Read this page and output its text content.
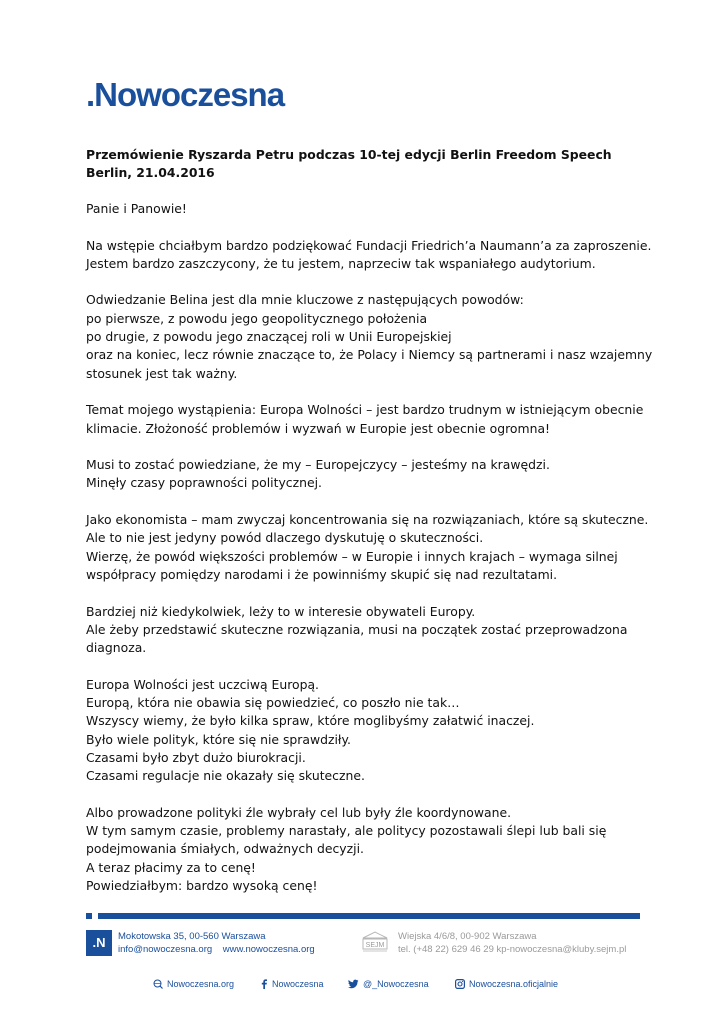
.Nowoczesna
Przemówienie Ryszarda Petru podczas 10-tej edycji Berlin Freedom Speech
Berlin, 21.04.2016
Panie i Panowie!
Na wstępie chciałbym bardzo podziękować Fundacji Friedrich’a Naumann’a za zaproszenie.
Jestem bardzo zaszczycony, że tu jestem, naprzeciw tak wspaniałego audytorium.
Odwiedzanie Belina jest dla mnie kluczowe z następujących powodów:
po pierwsze, z powodu jego geopolitycznego położenia
po drugie, z powodu jego znaczącej roli w Unii Europejskiej
oraz na koniec, lecz równie znaczące to, że Polacy i Niemcy są partnerami i nasz wzajemny
stosunek jest tak ważny.
Temat mojego wystąpienia: Europa Wolności – jest bardzo trudnym w istniejącym obecnie
klimacie. Złożoność problemów i wyzwań w Europie jest obecnie ogromna!
Musi to zostać powiedziane, że my – Europejczycy – jesteśmy na krawędzi.
Minęły czasy poprawności politycznej.
Jako ekonomista – mam zwyczaj koncentrowania się na rozwiązaniach, które są skuteczne.
Ale to nie jest jedyny powód dlaczego dyskutuję o skuteczności.
Wierzę, że powód większości problemów – w Europie i innych krajach – wymaga silnej
współpracy pomiędzy narodami i że powinniśmy skupić się nad rezultatami.
Bardziej niż kiedykolwiek, leży to w interesie obywateli Europy.
Ale żeby przedstawić skuteczne rozwiązania, musi na początek zostać przeprowadzona
diagnoza.
Europa Wolności jest uczciwą Europą.
Europą, która nie obawia się powiedzieć, co poszło nie tak…
Wszyscy wiemy, że było kilka spraw, które moglibyśmy załatwić inaczej.
Było wiele polityk, które się nie sprawdziły.
Czasami było zbyt dużo biurokracji.
Czasami regulacje nie okazały się skuteczne.
Albo prowadzone polityki źle wybrały cel lub były źle koordynowane.
W tym samym czasie, problemy narastały, ale politycy pozostawali ślepi lub bali się
podejmowania śmiałych, odważnych decyzji.
A teraz płacimy za to cenę!
Powiedziałbym: bardzo wysoką cenę!
.N	Mokotowska 35, 00-560 Warszawa
info@nowoczesna.org www.nowoczesna.org	SEJM
Wiejska 4/6/8, 00-902 Warszawa
tel. (+48 22) 629 46 29 kp-nowoczesna@kluby.sejm.pl
Nowoczesna.org	Nowoczesna	@_Nowoczesna	Nowoczesna.oficjalnie
